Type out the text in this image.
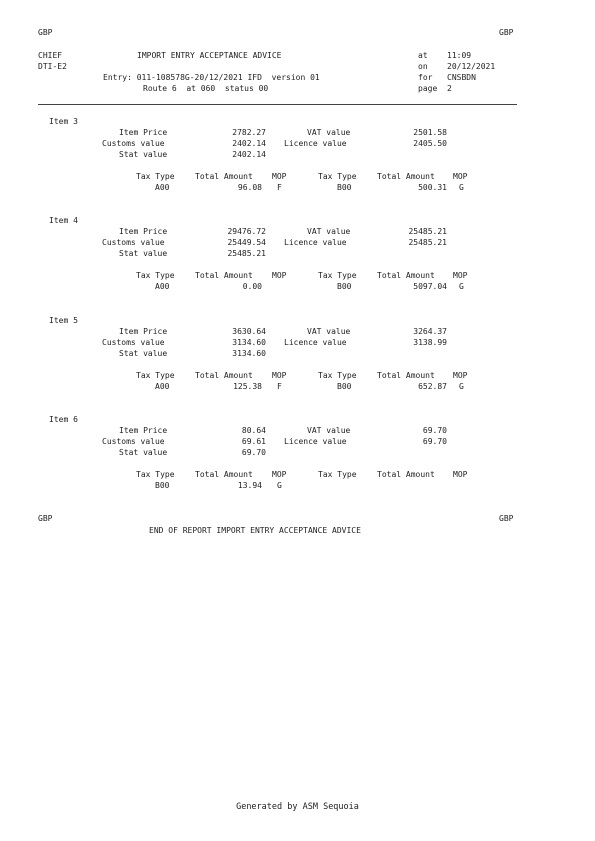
GBP	GBP
CHIEF	IMPORT ENTRY ACCEPTANCE ADVICE	at 11:09
DTI-E2	on 20/12/2021
Entry: 011-108578G-20/12/2021 IFD  version 01	for CNSBDN
Route 6  at 060  status 00	page 2
Item 3
Item Price	2782.27	VAT value	2501.58
Customs value	2402.14 Licence value	2405.50
Stat value	2402.14
Tax Type	Total Amount MOP	Tax Type	Total Amount MOP
A00	96.08 F	B00	500.31 G
Item 4
Item Price	29476.72	VAT value	25485.21
Customs value	25449.54 Licence value	25485.21
Stat value	25485.21
Tax Type	Total Amount MOP	Tax Type	Total Amount MOP
A00	0.00	B00	5097.04 G
Item 5
Item Price	3630.64	VAT value	3264.37
Customs value	3134.60 Licence value	3138.99
Stat value	3134.60
Tax Type	Total Amount MOP	Tax Type	Total Amount MOP
A00	125.38 F	B00	652.87 G
Item 6
Item Price	80.64	VAT value	69.70
Customs value	69.61 Licence value	69.70
Stat value	69.70
Tax Type	Total Amount MOP	Tax Type	Total Amount MOP
B00	13.94 G
GBP	GBP
END OF REPORT IMPORT ENTRY ACCEPTANCE ADVICE
Generated by ASM Sequoia
